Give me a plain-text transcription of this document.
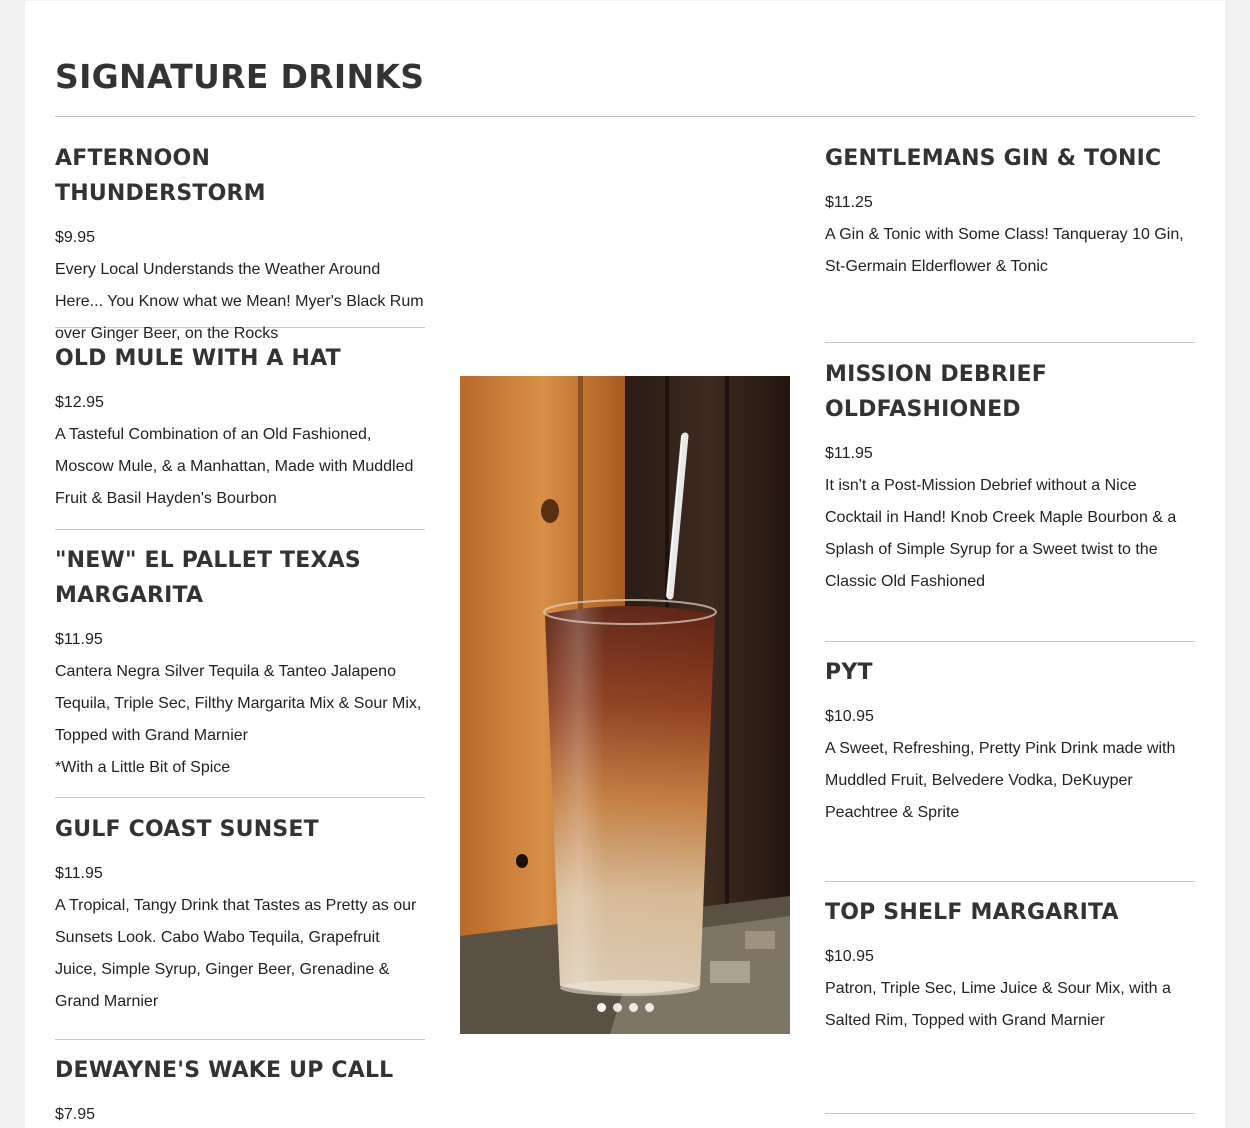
SIGNATURE DRINKS
AFTERNOON THUNDERSTORM
$9.95
Every Local Understands the Weather Around Here... You Know what we Mean! Myer's Black Rum over Ginger Beer, on the Rocks
OLD MULE WITH A HAT
$12.95
A Tasteful Combination of an Old Fashioned, Moscow Mule, & a Manhattan, Made with Muddled Fruit & Basil Hayden's Bourbon
"NEW" EL PALLET TEXAS MARGARITA
$11.95
Cantera Negra Silver Tequila & Tanteo Jalapeno Tequila, Triple Sec, Filthy Margarita Mix & Sour Mix, Topped with Grand Marnier
*With a Little Bit of Spice
GULF COAST SUNSET
$11.95
A Tropical, Tangy Drink that Tastes as Pretty as our Sunsets Look. Cabo Wabo Tequila, Grapefruit Juice, Simple Syrup, Ginger Beer, Grenadine & Grand Marnier
DEWAYNE'S WAKE UP CALL
$7.95
GENTLEMANS GIN & TONIC
$11.25
A Gin & Tonic with Some Class! Tanqueray 10 Gin, St-Germain Elderflower & Tonic
MISSION DEBRIEF OLDFASHIONED
$11.95
It isn't a Post-Mission Debrief without a Nice Cocktail in Hand! Knob Creek Maple Bourbon & a Splash of Simple Syrup for a Sweet twist to the Classic Old Fashioned
PYT
$10.95
A Sweet, Refreshing, Pretty Pink Drink made with Muddled Fruit, Belvedere Vodka, DeKuyper Peachtree & Sprite
TOP SHELF MARGARITA
$10.95
Patron, Triple Sec, Lime Juice & Sour Mix, with a Salted Rim, Topped with Grand Marnier
